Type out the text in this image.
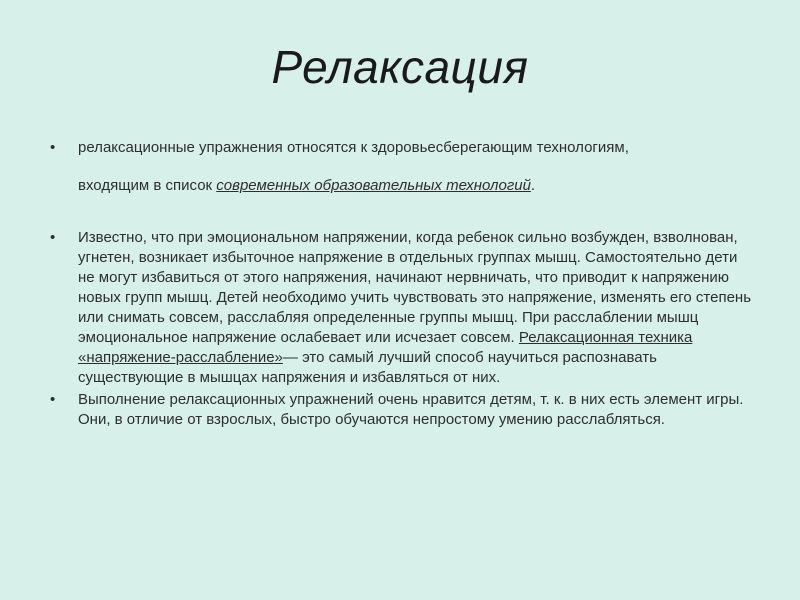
Релаксация
• релаксационные упражнения относятся к здоровьесберегающим технологиям,
входящим в список современных образовательных технологий.
• Известно, что при эмоциональном напряжении, когда ребенок сильно возбужден, взволнован, угнетен, возникает избыточное напряжение в отдельных группах мышц. Самостоятельно дети не могут избавиться от этого напряжения, начинают нервничать, что приводит к напряжению новых групп мышц. Детей необходимо учить чувствовать это напряжение, изменять его степень или снимать совсем, расслабляя определенные группы мышц. При расслаблении мышц эмоциональное напряжение ослабевает или исчезает совсем. Релаксационная техника «напряжение-расслабление»— это самый лучший способ научиться распознавать существующие в мышцах напряжения и избавляться от них.
• Выполнение релаксационных упражнений очень нравится детям, т. к. в них есть элемент игры. Они, в отличие от взрослых, быстро обучаются непростому умению расслабляться.
